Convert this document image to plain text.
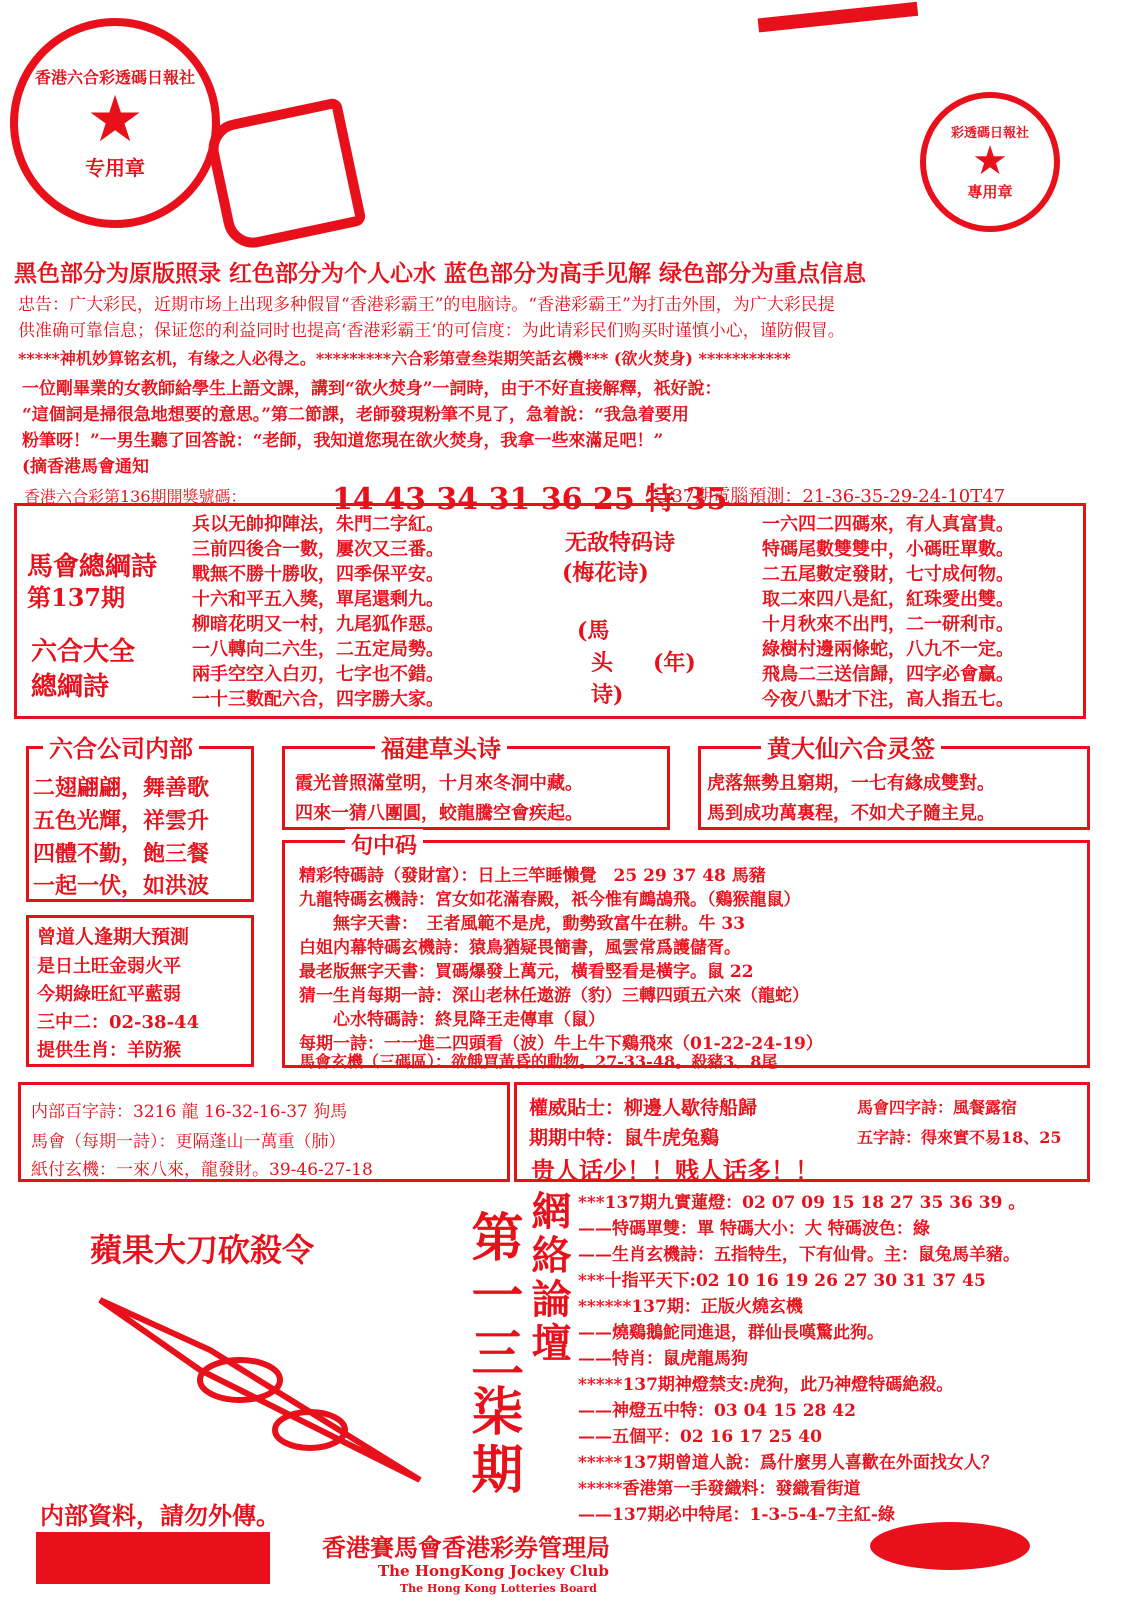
香港六合彩透碼日報社
★
专用章
彩透碼日報社
★
專用章
黑色部分为原版照录 红色部分为个人心水 蓝色部分为高手见解 绿色部分为重点信息
忠告：广大彩民，近期市场上出现多种假冒“香港彩霸王”的电脑诗。“香港彩霸王”为打击外围，为广大彩民提
供准确可靠信息；保证您的利益同时也提高‘香港彩霸王’的可信度：为此请彩民们购买时谨慎小心，谨防假冒。
*****神机妙算铭玄机，有缘之人必得之。*********六合彩第壹叁柒期笑話玄機*** (欲火焚身) ***********
一位剛畢業的女教師給學生上語文課，講到“欲火焚身”一詞時，由于不好直接解釋，祇好說：
“這個詞是掃很急地想要的意思。”第二節課，老師發現粉筆不見了，急着說：“我急着要用
粉筆呀！”一男生聽了回答說：“老師，我知道您現在欲火焚身，我拿一些來滿足吧！”
(摘香港馬會通知
香港六合彩第136期開獎號碼：	14 43 34 31 36 25 特 35
137期電腦預測：21-36-35-29-24-10T47
馬會總綱詩
第137期
六合大全
總綱詩
兵以无帥抑陣法，朱門二字紅。
三前四後合一數，屢次又三番。
戰無不勝十勝收，四季保平安。
十六和平五入獎，單尾還剩九。
柳暗花明又一村，九尾狐作惡。
一八轉向二六生，二五定局勢。
兩手空空入白刃，七字也不錯。
一十三數配六合，四字勝大家。
无敌特码诗
(梅花诗)
(馬
头 (年)
诗)
一六四二四碼來，有人真富貴。
特碼尾數雙雙中，小碼旺單數。
二五尾數定發財，七寸成何物。
取二來四八是紅，紅珠愛出雙。
十月秋來不出門，二一研利市。
綠樹村邊兩條蛇，八九不一定。
飛鳥二三送信歸，四字必會贏。
今夜八點才下注，高人指五七。
六合公司内部
二翅翩翩，舞善歌
五色光輝，祥雲升
四體不勤，飽三餐
一起一伏，如洪波
福建草头诗
霞光普照滿堂明，十月來冬洞中藏。
四來一猜八團圓，蛟龍騰空會疾起。
黄大仙六合灵签
虎落無勢且窮期，一七有緣成雙對。
馬到成功萬裏程，不如犬子隨主見。
曾道人逢期大預測
是日土旺金弱火平
今期綠旺紅平藍弱
三中二：02-38-44
提供生肖：羊防猴
句中码
精彩特碼詩（發財富）：日上三竿睡懶覺　25 29 37 48 馬豬
九龍特碼玄機詩：宮女如花滿春殿，祇今惟有鷓鴣飛。（鷄猴龍鼠）
　　無字天書：　王者風範不是虎，動勢致富牛在耕。牛 33
白姐内幕特碼玄機詩：猿鳥猶疑畏簡書，風雲常爲護儲胥。
最老版無字天書：買碼爆發上萬元，橫看竪看是橫字。鼠 22
猜一生肖每期一詩：深山老林任遨游（豹）三轉四頭五六來（龍蛇）
　　心水特碼詩：終見降王走傳車（鼠）
每期一詩：一一進二四頭看（波）牛上牛下鷄飛來（01-22-24-19）
馬會玄機（三碼區）：欲餓買黃昏的動物。27-33-48。殺豬3、8尾
内部百字詩：3216 龍 16-32-16-37 狗馬
馬會（每期一詩）：更隔蓬山一萬重（肺）
紙付玄機：一來八來，龍發財。39-46-27-18
權威貼士：柳邊人歇待船歸	馬會四字詩：風餐露宿
期期中特：鼠牛虎兔鷄	五字詩：得來實不易18、25
贵人话少！！贱人话多！！
蘋果大刀砍殺令
内部資料，請勿外傳。
第一三柒期 網絡論壇 ***137期九實蓮燈：02 07 09 15 18 27 35 36 39 。
——特碼單雙：單 特碼大小：大 特碼波色：綠
——生肖玄機詩：五指特生，下有仙骨。主：鼠兔馬羊豬。
***十指平天下:02 10 16 19 26 27 30 31 37 45
******137期：正版火燒玄機
——燒鷄鵝鮀同進退，群仙長嘆驚此狗。
——特肖：鼠虎龍馬狗
*****137期神燈禁支:虎狗，此乃神燈特碼絶殺。
——神燈五中特：03 04 15 28 42
——五個平：02 16 17 25 40
*****137期曾道人說：爲什麼男人喜歡在外面找女人？
*****香港第一手發織料：發織看街道
——137期必中特尾：1-3-5-4-7主紅-綠
香港賽馬會香港彩券管理局
The HongKong Jockey Club
The Hong Kong Lotteries Board
